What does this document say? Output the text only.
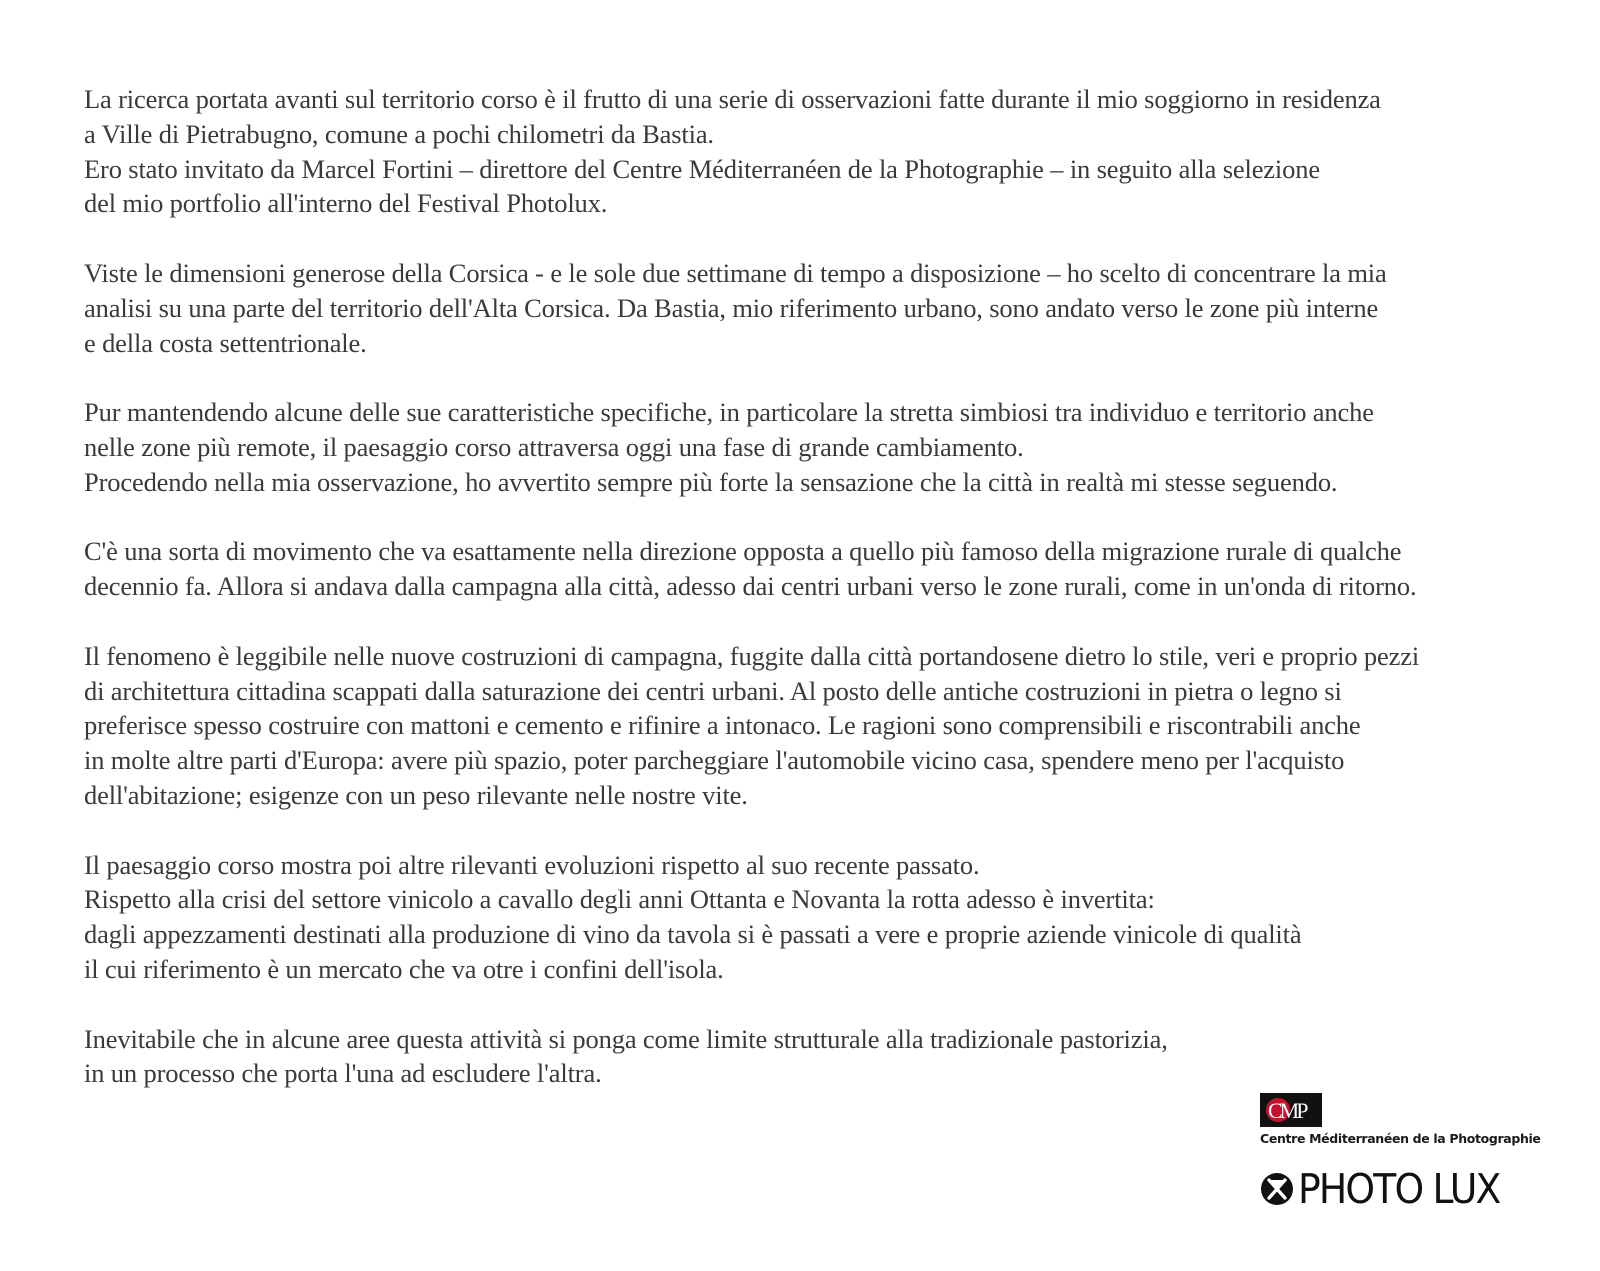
La ricerca portata avanti sul territorio corso è il frutto di una serie di osservazioni fatte durante il mio soggiorno in residenza
a Ville di Pietrabugno, comune a pochi chilometri da Bastia.
Ero stato invitato da Marcel Fortini – direttore del Centre Méditerranéen de la Photographie – in seguito alla selezione
del mio portfolio all'interno del Festival Photolux.

Viste le dimensioni generose della Corsica - e le sole due settimane di tempo a disposizione – ho scelto di concentrare la mia
analisi su una parte del territorio dell'Alta Corsica. Da Bastia, mio riferimento urbano, sono andato verso le zone più interne
e della costa settentrionale.

Pur mantendendo alcune delle sue caratteristiche specifiche, in particolare la stretta simbiosi tra individuo e territorio anche
nelle zone più remote, il paesaggio corso attraversa oggi una fase di grande cambiamento.
Procedendo nella mia osservazione, ho avvertito sempre più forte la sensazione che la città in realtà mi stesse seguendo.

C'è una sorta di movimento che va esattamente nella direzione opposta a quello più famoso della migrazione rurale di qualche
decennio fa. Allora si andava dalla campagna alla città, adesso dai centri urbani verso le zone rurali, come in un'onda di ritorno.

Il fenomeno è leggibile nelle nuove costruzioni di campagna, fuggite dalla città portandosene dietro lo stile, veri e proprio pezzi
di architettura cittadina scappati dalla saturazione dei centri urbani. Al posto delle antiche costruzioni in pietra o legno si
preferisce spesso costruire con mattoni e cemento e rifinire a intonaco. Le ragioni sono comprensibili e riscontrabili anche
in molte altre parti d'Europa: avere più spazio, poter parcheggiare l'automobile vicino casa, spendere meno per l'acquisto
dell'abitazione; esigenze con un peso rilevante nelle nostre vite.

Il paesaggio corso mostra poi altre rilevanti evoluzioni rispetto al suo recente passato.
Rispetto alla crisi del settore vinicolo a cavallo degli anni Ottanta e Novanta la rotta adesso è invertita:
dagli appezzamenti destinati alla produzione di vino da tavola si è passati a vere e proprie aziende vinicole di qualità
il cui riferimento è un mercato che va otre i confini dell'isola.

Inevitabile che in alcune aree questa attività si ponga come limite strutturale alla tradizionale pastorizia,
in un processo che porta l'una ad escludere l'altra.

CMP
Centre Méditerranéen de la Photographie
PHOTO LUX
